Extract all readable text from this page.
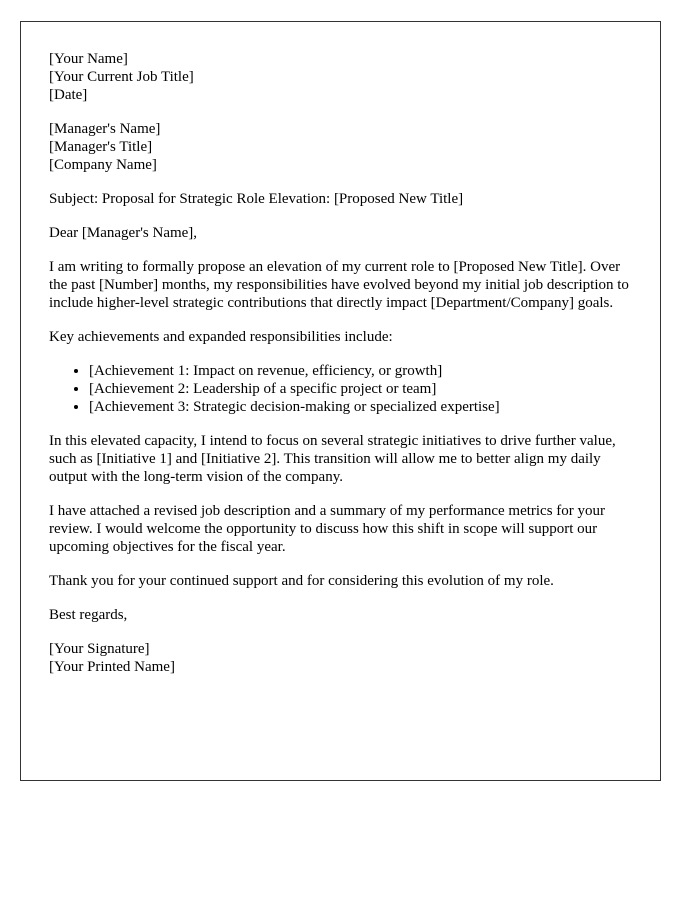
[Your Name]
[Your Current Job Title]
[Date]
[Manager's Name]
[Manager's Title]
[Company Name]

Subject: Proposal for Strategic Role Elevation: [Proposed New Title]

Dear [Manager's Name],

I am writing to formally propose an elevation of my current role to [Proposed New Title]. Over the past [Number] months, my responsibilities have evolved beyond my initial job description to include higher-level strategic contributions that directly impact [Department/Company] goals.

Key achievements and expanded responsibilities include:

• [Achievement 1: Impact on revenue, efficiency, or growth]
• [Achievement 2: Leadership of a specific project or team]
• [Achievement 3: Strategic decision-making or specialized expertise]

In this elevated capacity, I intend to focus on several strategic initiatives to drive further value, such as [Initiative 1] and [Initiative 2]. This transition will allow me to better align my daily output with the long-term vision of the company.

I have attached a revised job description and a summary of my performance metrics for your review. I would welcome the opportunity to discuss how this shift in scope will support our upcoming objectives for the fiscal year.

Thank you for your continued support and for considering this evolution of my role.

Best regards,

[Your Signature]
[Your Printed Name]
